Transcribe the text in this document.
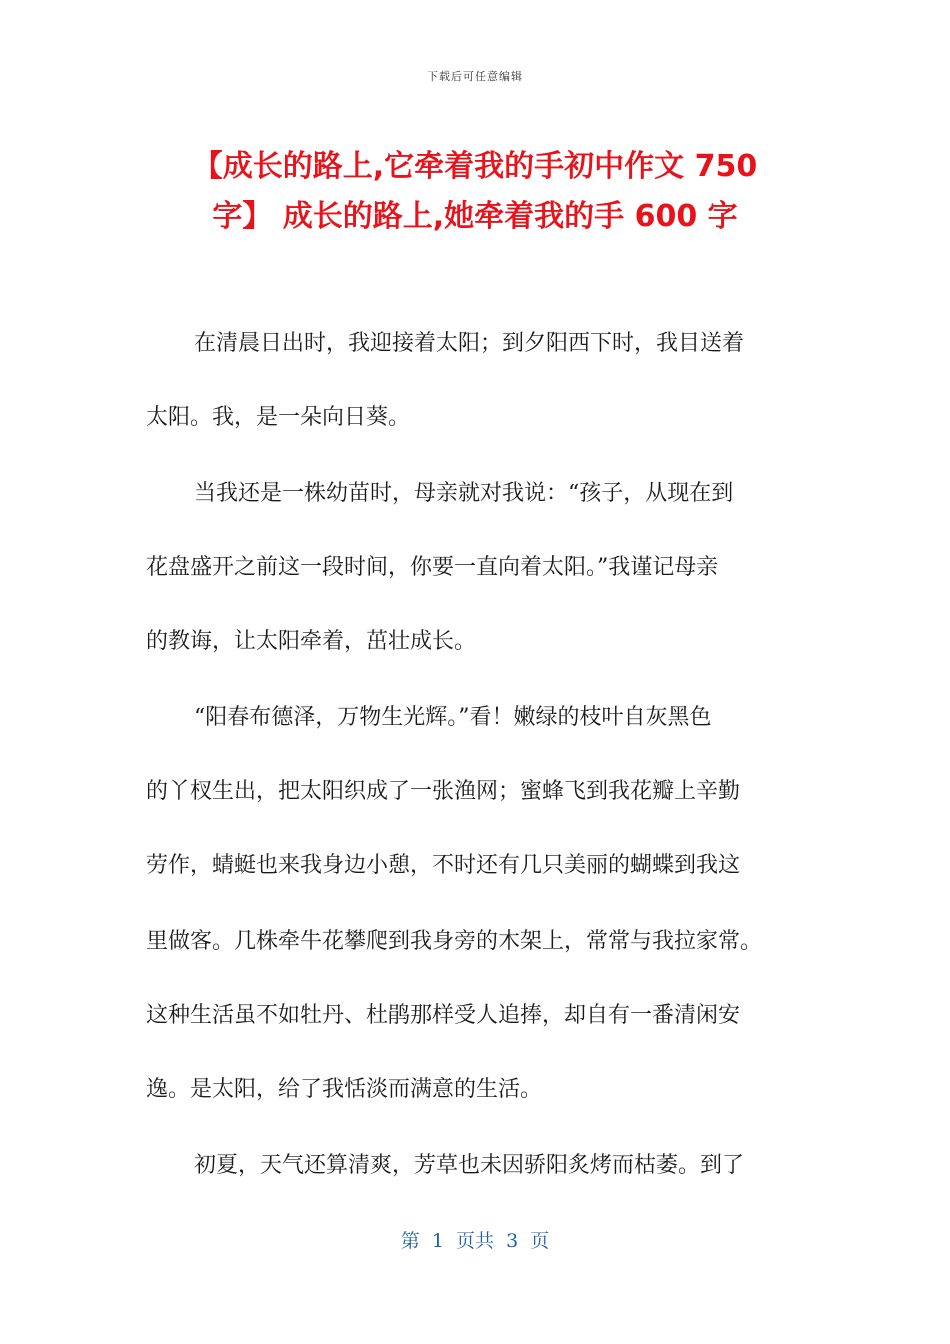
下载后可任意编辑
【成长的路上,它牵着我的手初中作文 750
字】 成长的路上,她牵着我的手 600 字
在清晨日出时，我迎接着太阳；到夕阳西下时，我目送着
太阳。我，是一朵向日葵。
当我还是一株幼苗时，母亲就对我说：“孩子，从现在到
花盘盛开之前这一段时间，你要一直向着太阳。”我谨记母亲
的教诲，让太阳牵着，茁壮成长。
“阳春布德泽，万物生光辉。”看！嫩绿的枝叶自灰黑色
的丫杈生出，把太阳织成了一张渔网；蜜蜂飞到我花瓣上辛勤
劳作，蜻蜓也来我身边小憩，不时还有几只美丽的蝴蝶到我这
里做客。几株牵牛花攀爬到我身旁的木架上，常常与我拉家常。
这种生活虽不如牡丹、杜鹃那样受人追捧，却自有一番清闲安
逸。是太阳，给了我恬淡而满意的生活。
初夏，天气还算清爽，芳草也未因骄阳炙烤而枯萎。到了
第  1  页共  3  页
